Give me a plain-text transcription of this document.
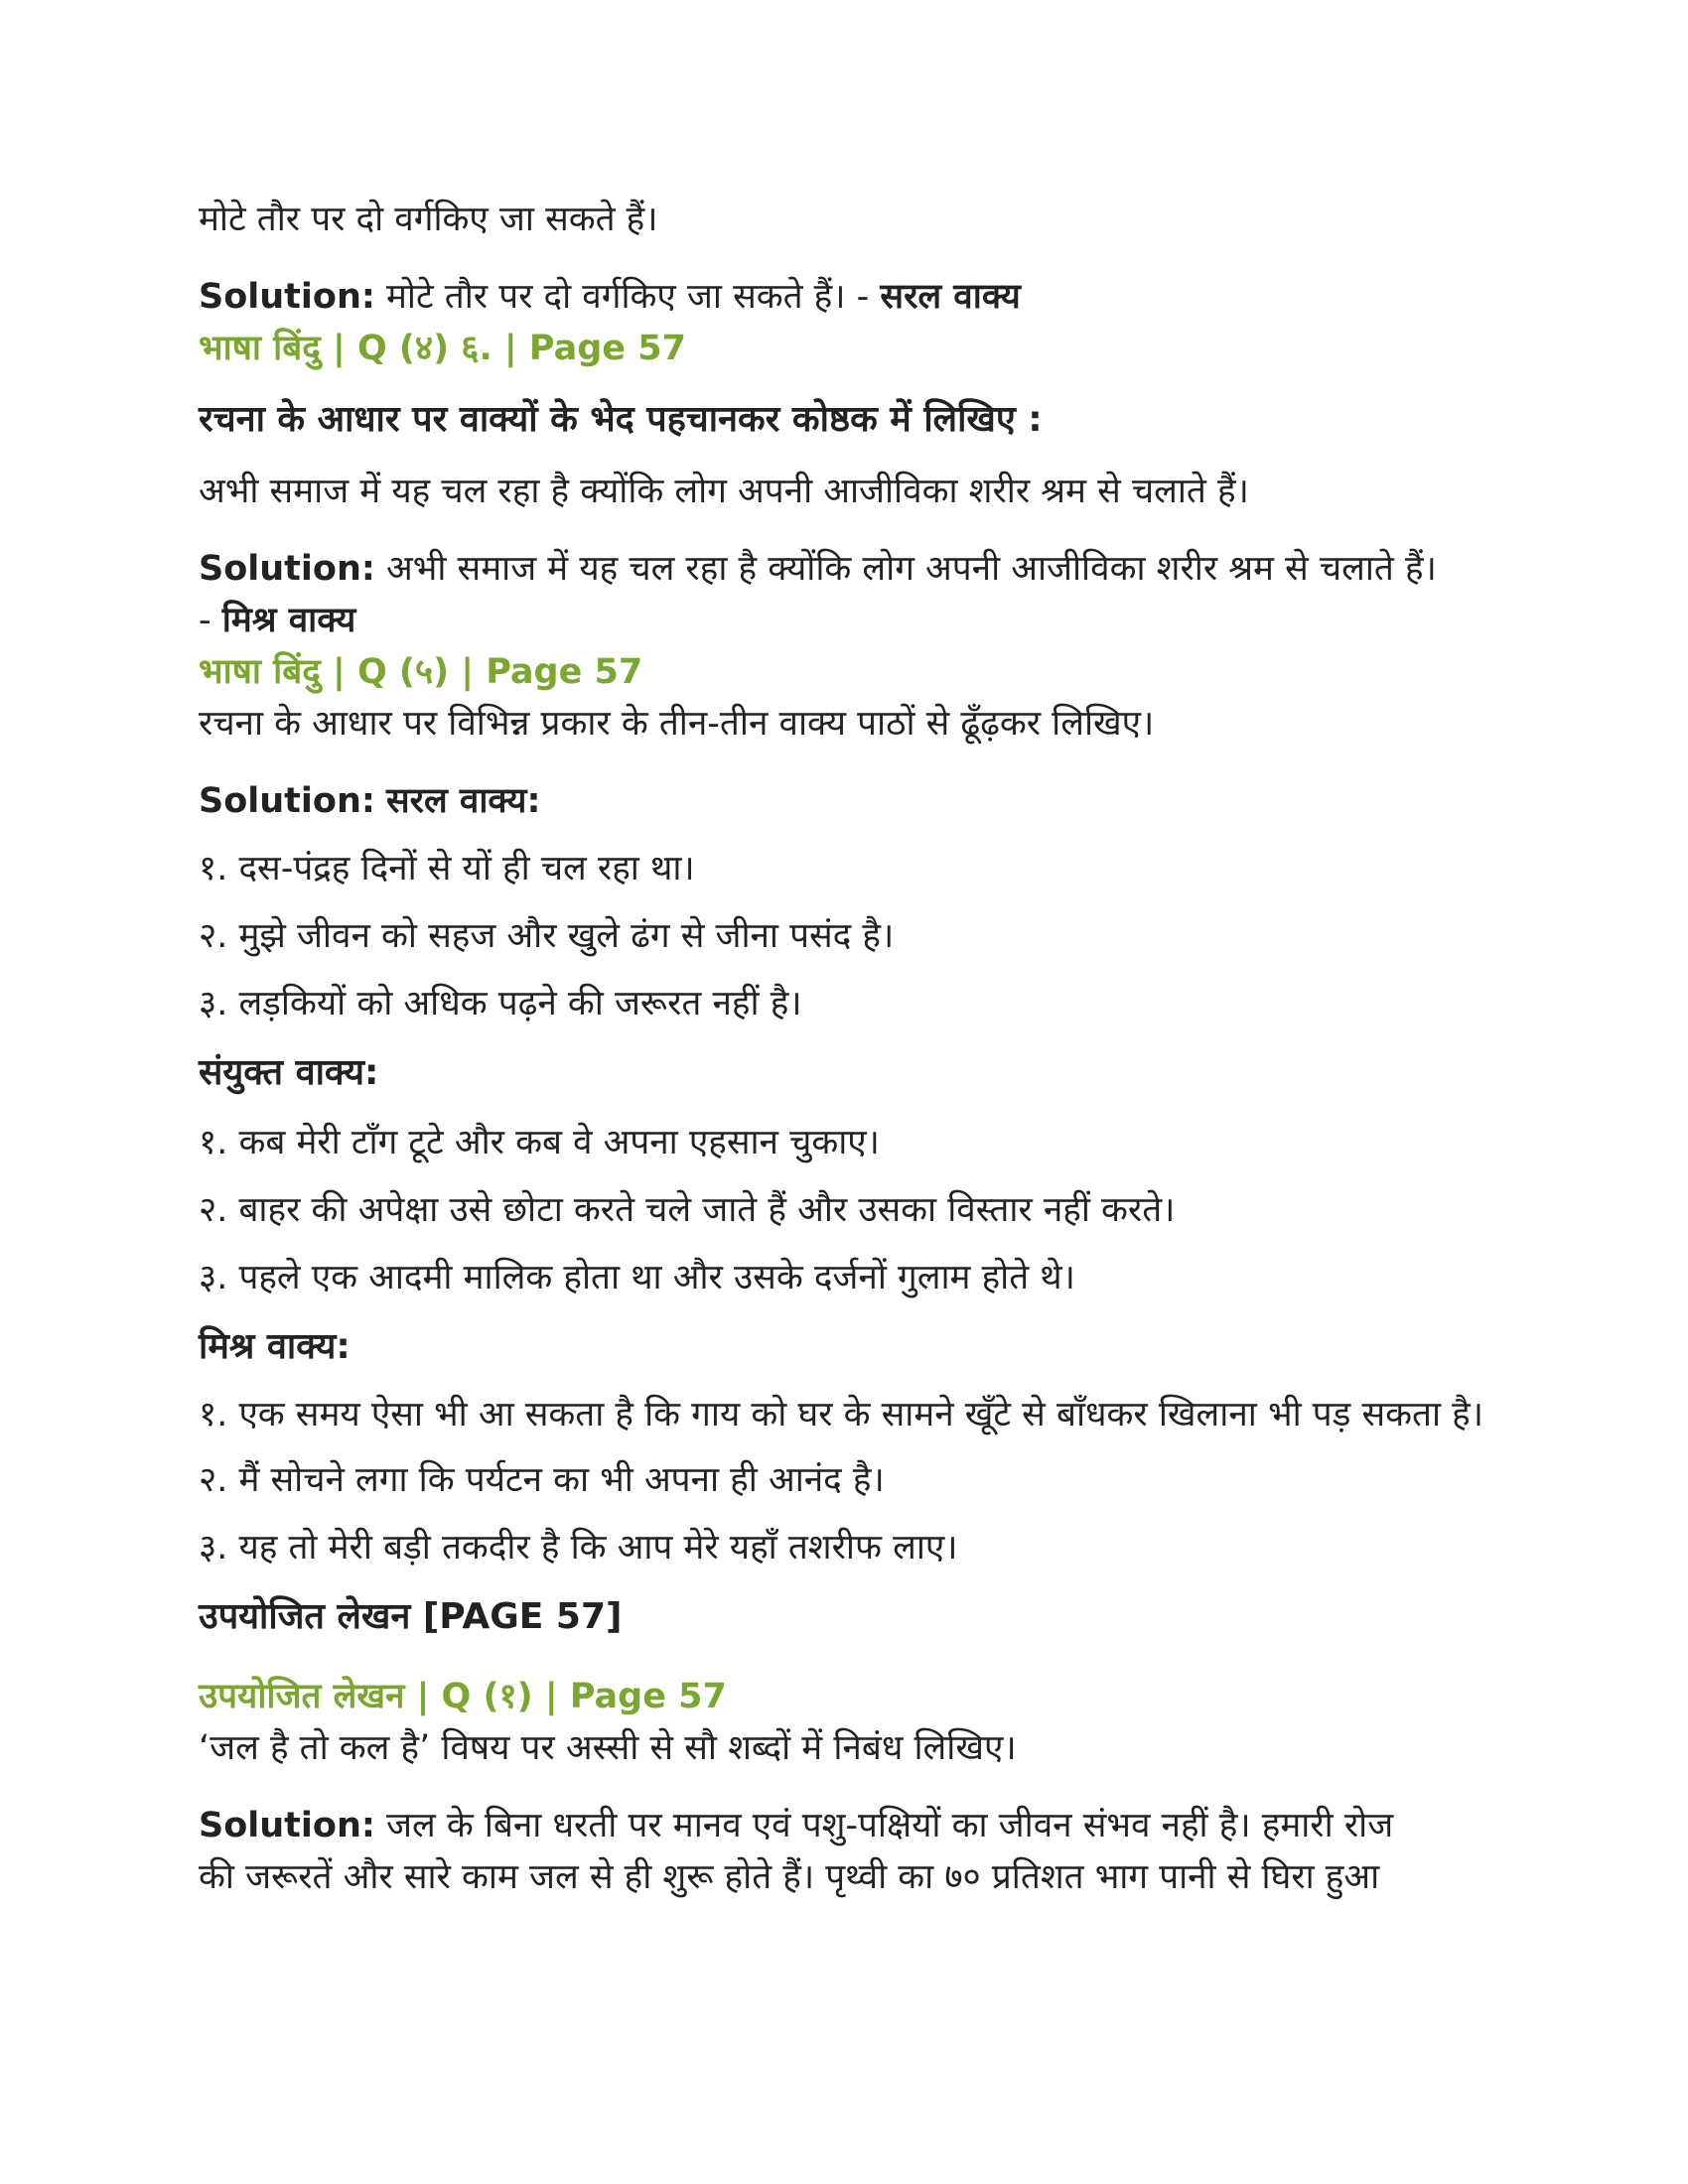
मोटे तौर पर दो वर्गकिए जा सकते हैं।
Solution: मोटे तौर पर दो वर्गकिए जा सकते हैं। - सरल वाक्य
भाषा बिंदु | Q (४) ६. | Page 57
रचना के आधार पर वाक्यों के भेद पहचानकर कोष्ठक में लिखिए :
अभी समाज में यह चल रहा है क्योंकि लोग अपनी आजीविका शरीर श्रम से चलाते हैं।
Solution: अभी समाज में यह चल रहा है क्योंकि लोग अपनी आजीविका शरीर श्रम से चलाते हैं।
- मिश्र वाक्य
भाषा बिंदु | Q (५) | Page 57
रचना के आधार पर विभिन्न प्रकार के तीन-तीन वाक्य पाठों से ढूँढ़कर लिखिए।
Solution: सरल वाक्य:
१. दस-पंद्रह दिनों से यों ही चल रहा था।
२. मुझे जीवन को सहज और खुले ढंग से जीना पसंद है।
३. लड़कियों को अधिक पढ़ने की जरूरत नहीं है।
संयुक्त वाक्य:
१. कब मेरी टाँग टूटे और कब वे अपना एहसान चुकाए।
२. बाहर की अपेक्षा उसे छोटा करते चले जाते हैं और उसका विस्तार नहीं करते।
३. पहले एक आदमी मालिक होता था और उसके दर्जनों गुलाम होते थे।
मिश्र वाक्य:
१. एक समय ऐसा भी आ सकता है कि गाय को घर के सामने खूँटे से बाँधकर खिलाना भी पड़ सकता है।
२. मैं सोचने लगा कि पर्यटन का भी अपना ही आनंद है।
३. यह तो मेरी बड़ी तकदीर है कि आप मेरे यहाँ तशरीफ लाए।
उपयोजित लेखन [PAGE 57]
उपयोजित लेखन | Q (१) | Page 57
‘जल है तो कल है’ विषय पर अस्सी से सौ शब्दों में निबंध लिखिए।
Solution: जल के बिना धरती पर मानव एवं पशु-पक्षियों का जीवन संभव नहीं है। हमारी रोज
की जरूरतें और सारे काम जल से ही शुरू होते हैं। पृथ्वी का ७० प्रतिशत भाग पानी से घिरा हुआ
